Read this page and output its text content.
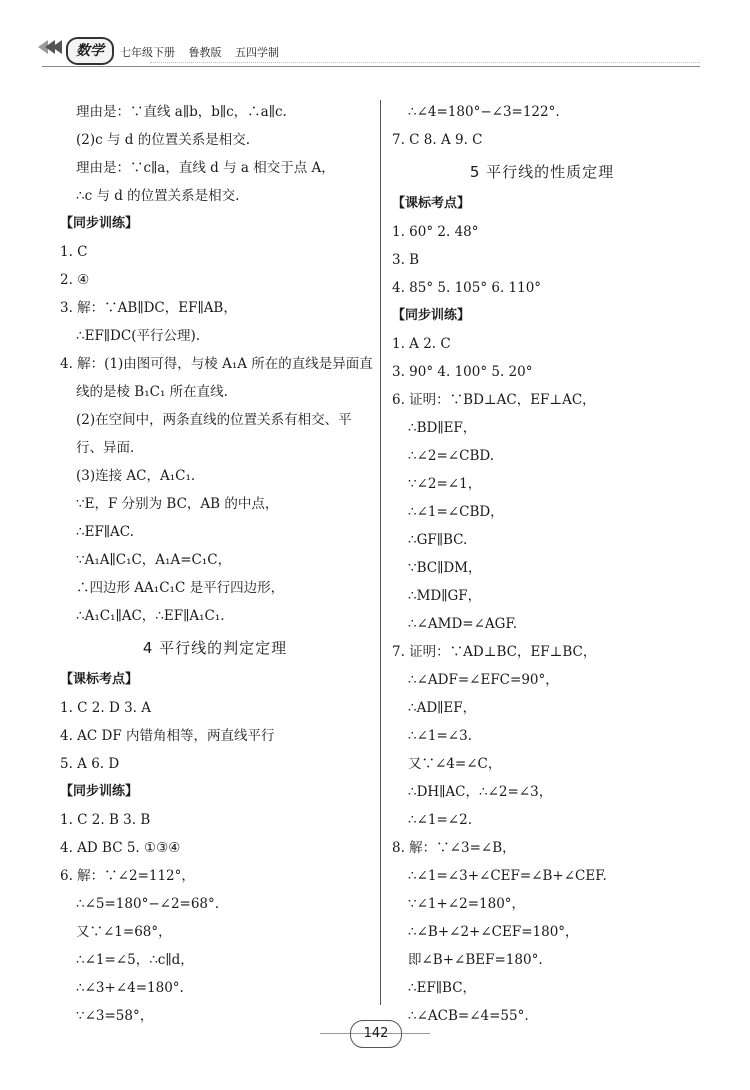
数学	七年级下册 鲁教版 五四学制
理由是：∵直线 a∥b，b∥c，∴a∥c.
(2)c 与 d 的位置关系是相交.
理由是：∵c∥a，直线 d 与 a 相交于点 A，
∴c 与 d 的位置关系是相交.
【同步训练】
1. C
2. ④
3. 解：∵AB∥DC，EF∥AB，
∴EF∥DC(平行公理).
4. 解：(1)由图可得，与棱 A₁A 所在的直线是异面直
线的是棱 B₁C₁ 所在直线.
(2)在空间中，两条直线的位置关系有相交、平
行、异面.
(3)连接 AC，A₁C₁.
∵E，F 分别为 BC，AB 的中点，
∴EF∥AC.
∵A₁A∥C₁C，A₁A=C₁C，
∴四边形 AA₁C₁C 是平行四边形，
∴A₁C₁∥AC，∴EF∥A₁C₁.
4 平行线的判定定理
【课标考点】
1. C 2. D 3. A
4. AC DF 内错角相等，两直线平行
5. A 6. D
【同步训练】
1. C 2. B 3. B
4. AD BC 5. ①③④
6. 解：∵∠2=112°，
∴∠5=180°−∠2=68°.
又∵∠1=68°，
∴∠1=∠5，∴c∥d，
∴∠3+∠4=180°.
∵∠3=58°，
∴∠4=180°−∠3=122°.
7. C 8. A 9. C
5 平行线的性质定理
【课标考点】
1. 60° 2. 48°
3. B
4. 85° 5. 105° 6. 110°
【同步训练】
1. A 2. C
3. 90° 4. 100° 5. 20°
6. 证明：∵BD⊥AC，EF⊥AC，
∴BD∥EF，
∴∠2=∠CBD.
∵∠2=∠1，
∴∠1=∠CBD，
∴GF∥BC.
∵BC∥DM，
∴MD∥GF，
∴∠AMD=∠AGF.
7. 证明：∵AD⊥BC，EF⊥BC，
∴∠ADF=∠EFC=90°，
∴AD∥EF，
∴∠1=∠3.
又∵∠4=∠C，
∴DH∥AC，∴∠2=∠3，
∴∠1=∠2.
8. 解：∵∠3=∠B，
∴∠1=∠3+∠CEF=∠B+∠CEF.
∵∠1+∠2=180°，
∴∠B+∠2+∠CEF=180°，
即∠B+∠BEF=180°.
∴EF∥BC，
∴∠ACB=∠4=55°.
142
